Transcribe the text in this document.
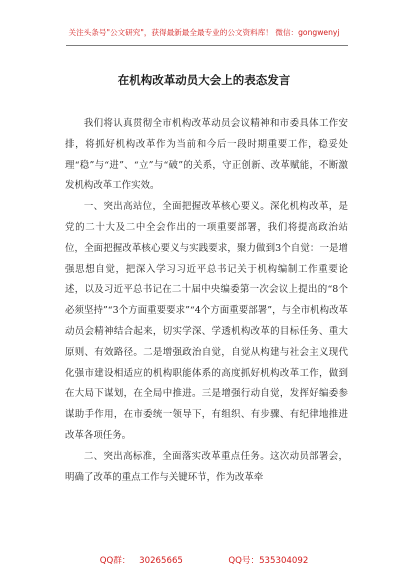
关注头条号"公文研究"，获得最新最全最专业的公文资料库！ 微信：gongwenyj
在机构改革动员大会上的表态发言

我们将认真贯彻全市机构改革动员会议精神和市委具体工作安排，将抓好机构改革作为当前和今后一段时期重要工作，稳妥处理“稳”与“进”、“立”与“破”的关系，守正创新、改革赋能，不断激发机构改革工作实效。

一、突出高站位，全面把握改革核心要义。深化机构改革，是党的二十大及二中全会作出的一项重要部署，我们将提高政治站位，全面把握改革核心要义与实践要求，聚力做到3个自觉：一是增强思想自觉，把深入学习习近平总书记关于机构编制工作重要论述，以及习近平总书记在二十届中央编委第一次会议上提出的“8个必须坚持”“3个方面重要要求”“4个方面重要部署”，与全市机构改革动员会精神结合起来，切实学深、学透机构改革的目标任务、重大原则、有效路径。二是增强政治自觉，自觉从构建与社会主义现代化强市建设相适应的机构职能体系的高度抓好机构改革工作，做到在大局下谋划，在全局中推进。三是增强行动自觉，发挥好编委参谋助手作用，在市委统一领导下，有组织、有步骤、有纪律地推进改革各项任务。

二、突出高标准，全面落实改革重点任务。这次动员部署会，明确了改革的重点工作与关键环节，作为改革牵

QQ群： 30265665	QQ号：535304092
